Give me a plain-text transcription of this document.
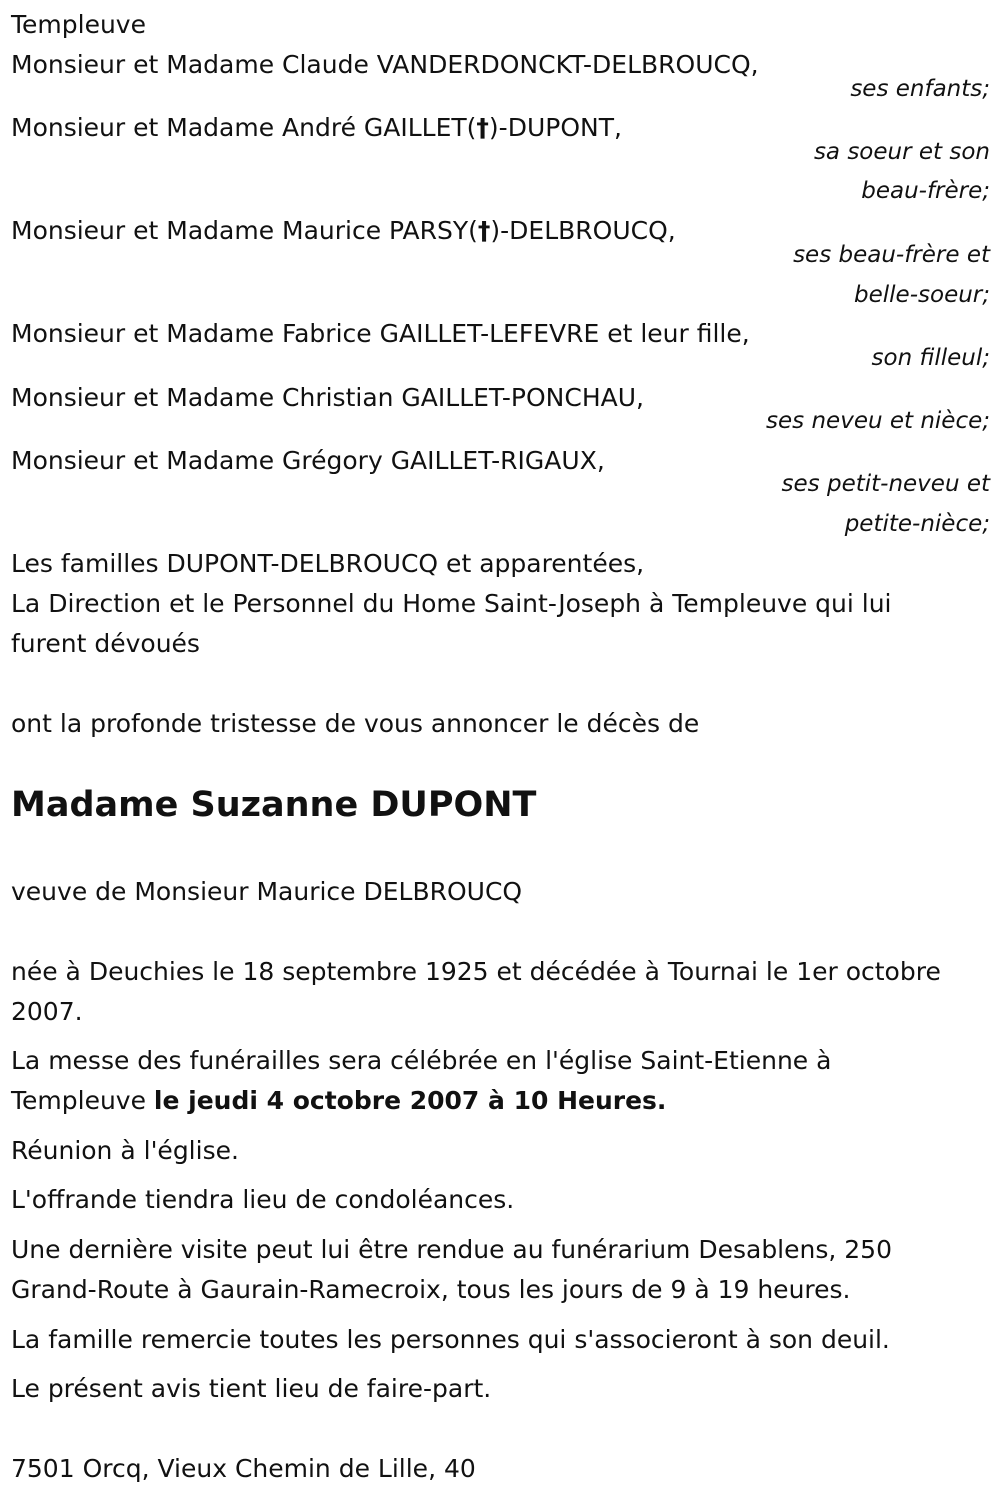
Templeuve

Monsieur et Madame Claude VANDERDONCKT-DELBROUCQ,

ses enfants;

Monsieur et Madame André GAILLET(†)-DUPONT,

sa soeur et son
beau-frère;

Monsieur et Madame Maurice PARSY(†)-DELBROUCQ,

ses beau-frère et
belle-soeur;

Monsieur et Madame Fabrice GAILLET-LEFEVRE et leur fille,

son filleul;

Monsieur et Madame Christian GAILLET-PONCHAU,

ses neveu et nièce;

Monsieur et Madame Grégory GAILLET-RIGAUX,

ses petit-neveu et
petite-nièce;

Les familles DUPONT-DELBROUCQ et apparentées,

La Direction et le Personnel du Home Saint-Joseph à Templeuve qui lui

furent dévoués

ont la profonde tristesse de vous annoncer le décès de

Madame Suzanne DUPONT

veuve de Monsieur Maurice DELBROUCQ

née à Deuchies le 18 septembre 1925 et décédée à Tournai le 1er octobre

2007.

La messe des funérailles sera célébrée en l'église Saint-Etienne à

Templeuve le jeudi 4 octobre 2007 à 10 Heures.

Réunion à l'église.

L'offrande tiendra lieu de condoléances.

Une dernière visite peut lui être rendue au funérarium Desablens, 250

Grand-Route à Gaurain-Ramecroix, tous les jours de 9 à 19 heures.

La famille remercie toutes les personnes qui s'associeront à son deuil.

Le présent avis tient lieu de faire-part.

7501 Orcq, Vieux Chemin de Lille, 40
